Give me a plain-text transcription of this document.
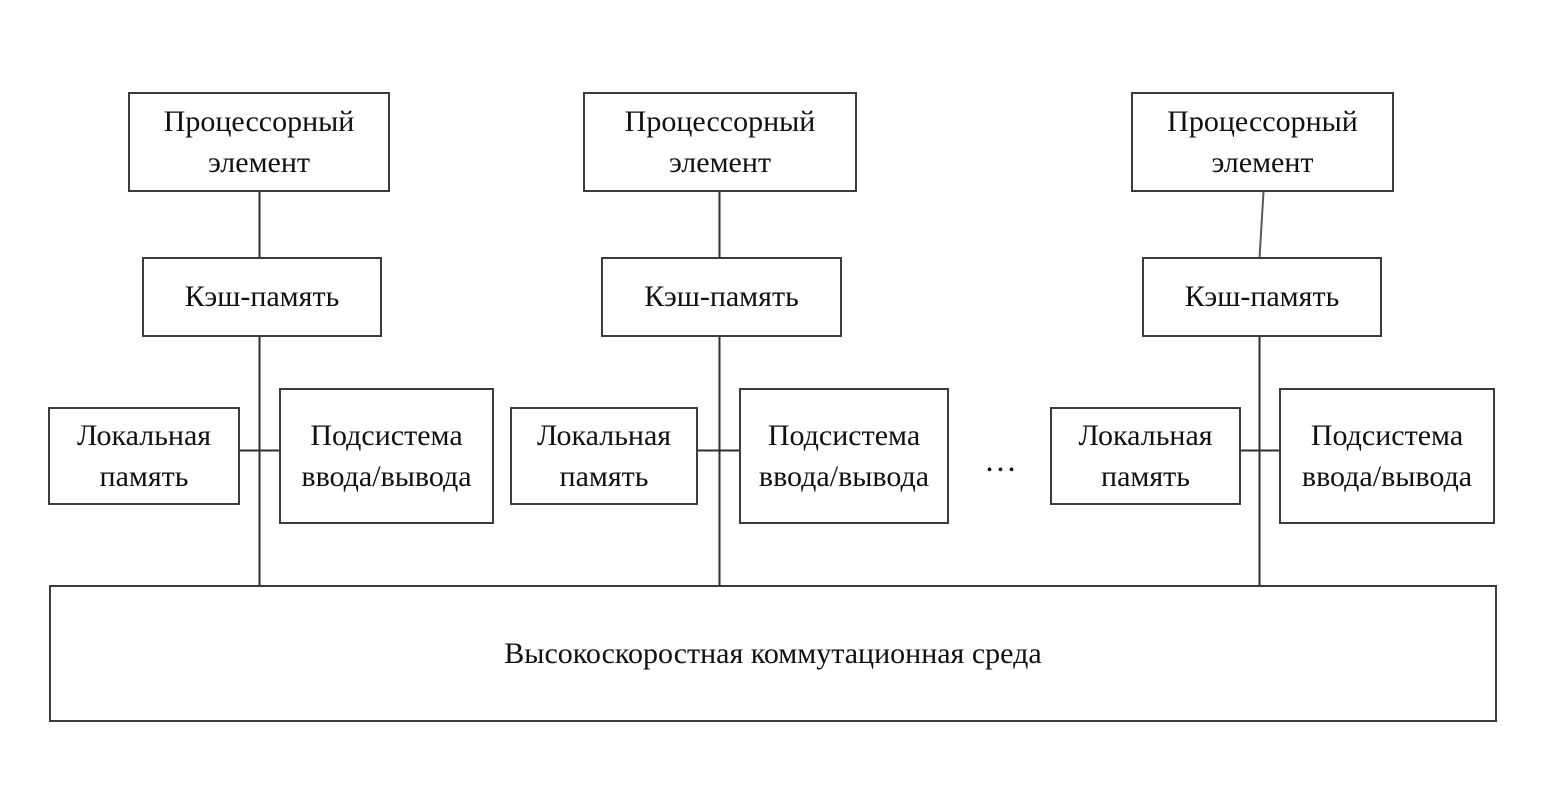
Процессорный элемент
Кэш-память
Локальная память
Подсистема ввода/вывода
Процессорный элемент
Кэш-память
Локальная память
Подсистема ввода/вывода	...
Процессорный элемент
Кэш-память
Локальная память
Подсистема ввода/вывода
Высокоскоростная коммутационная среда
